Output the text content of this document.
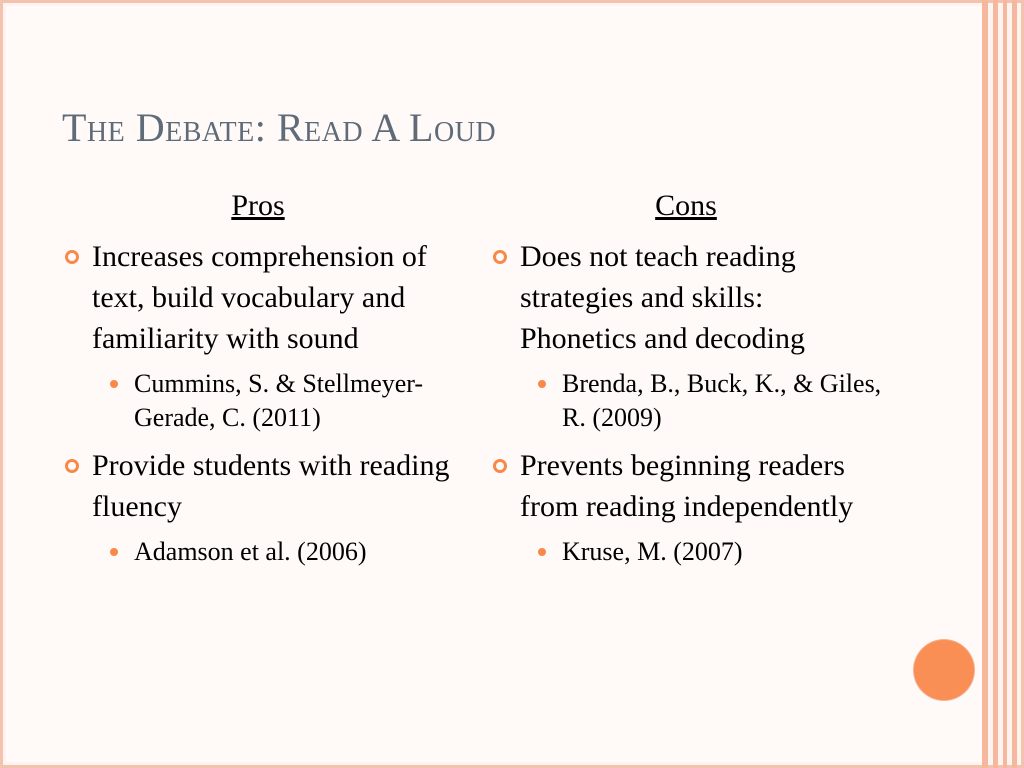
The Debate: Read A Loud
Pros
Increases comprehension of text, build vocabulary and familiarity with sound
Cummins, S. & Stellmeyer-Gerade, C. (2011)
Provide students with reading fluency
Adamson et al. (2006)
Cons
Does not teach reading strategies and skills: Phonetics and decoding
Brenda, B., Buck, K., & Giles, R. (2009)
Prevents beginning readers from reading independently
Kruse, M. (2007)
